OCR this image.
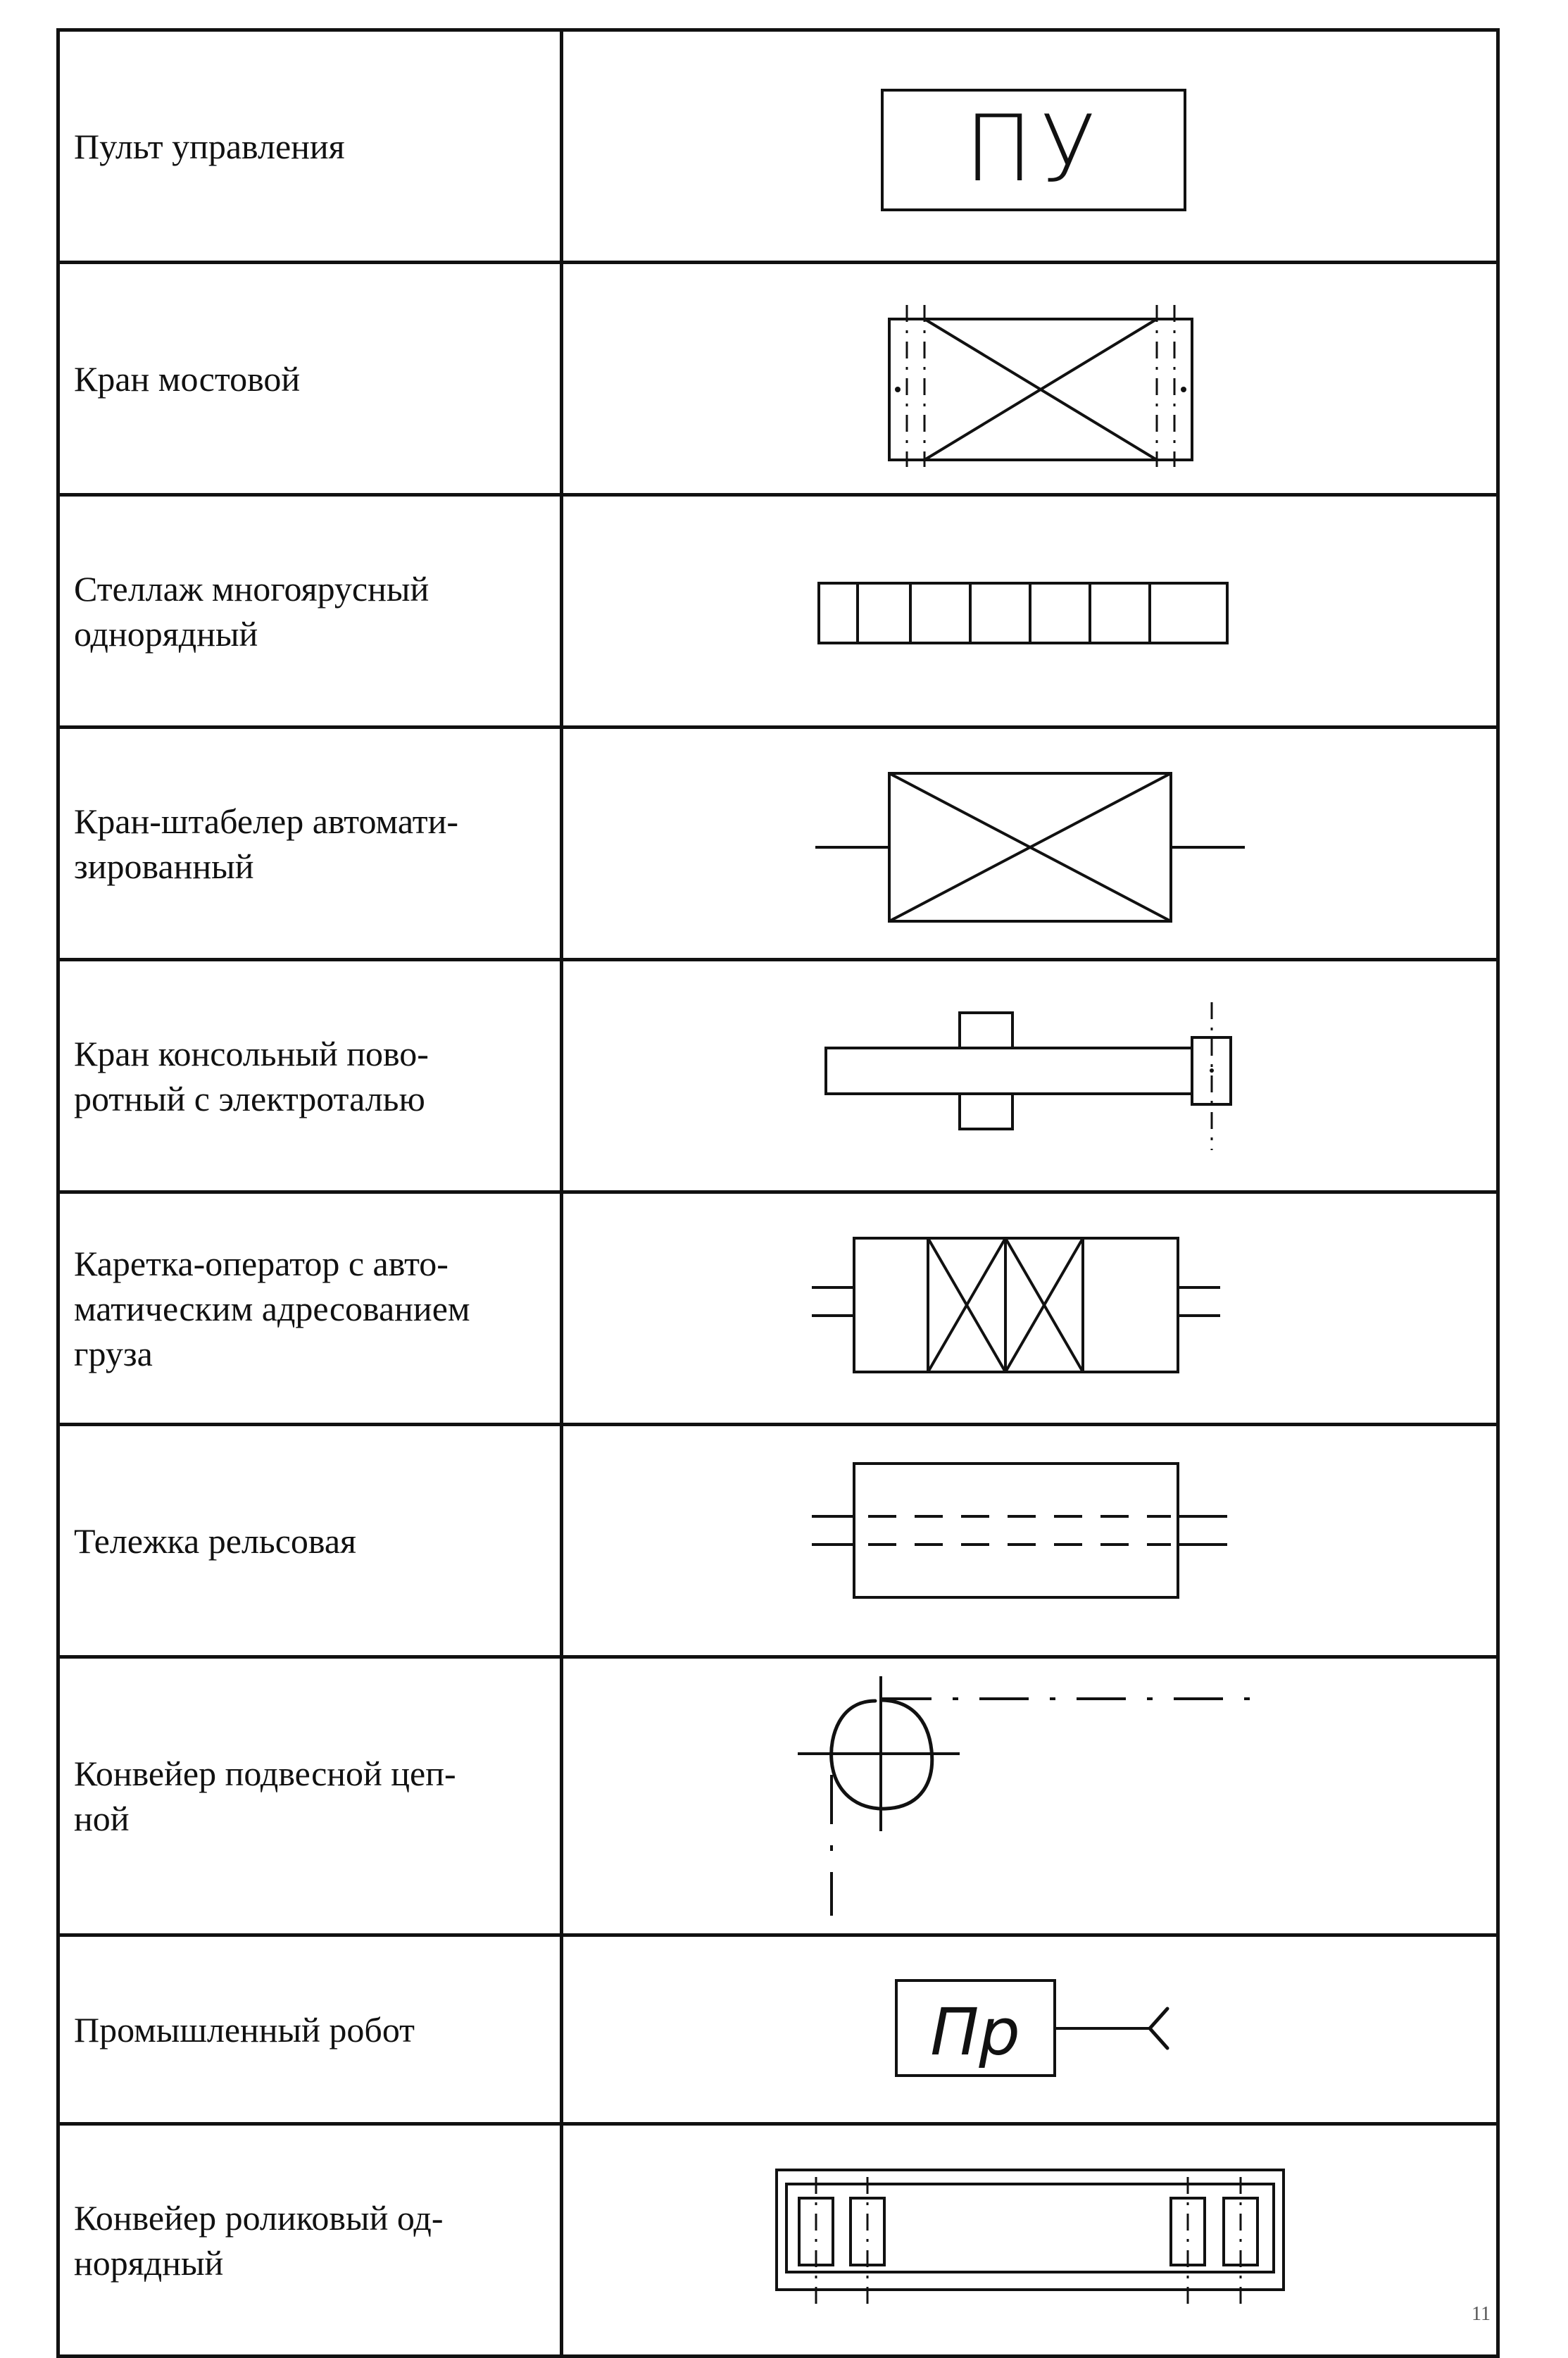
Пульт управления	ПУ

Кран мостовой

Стеллаж многоярусный
однорядный

Кран-штабелер автомати-
зированный

Кран консольный пово-
ротный с электроталью

Каретка-оператор с авто-
матическим адресованием
груза

Тележка рельсовая

Конвейер подвесной цеп-
ной

Промышленный робот	Пр

Конвейер роликовый од-
норядный

11
